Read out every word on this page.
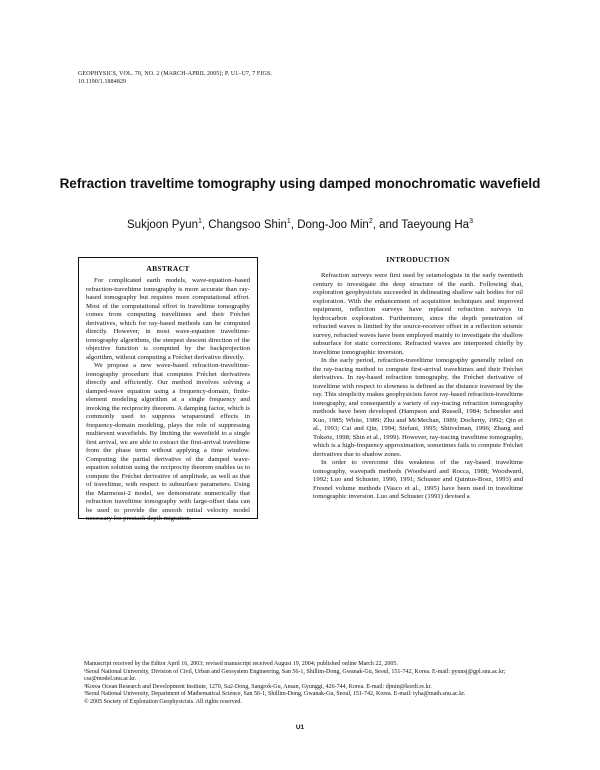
GEOPHYSICS, VOL. 70, NO. 2 (MARCH-APRIL 2005); P. U1–U7, 7 FIGS.
10.1190/1.1884829
Refraction traveltime tomography using damped monochromatic wavefield
Sukjoon Pyun$^1$, Changsoo Shin$^1$, Dong-Joo Min$^2$, and Taeyoung Ha$^3$
ABSTRACT

For complicated earth models, wave-equation–based refraction-traveltime tomography is more accurate than ray-based tomography but requires more computational effort. Most of the computational effort in traveltime tomography comes from computing traveltimes and their Fréchet derivatives, which for ray-based methods can be computed directly. However, in most wave-equation traveltime-tomography algorithms, the steepest descent direction of the objective function is computed by the backprojection algorithm, without computing a Fréchet derivative directly.

We propose a new wave-based refraction-traveltime-tomography procedure that computes Fréchet derivatives directly and efficiently. Our method involves solving a damped-wave equation using a frequency-domain, finite-element modeling algorithm at a single frequency and invoking the reciprocity theorem. A damping factor, which is commonly used to suppress wraparound effects in frequency-domain modeling, plays the role of suppressing multievent wavefields. By limiting the wavefield to a single first arrival, we are able to extract the first-arrival traveltime from the phase term without applying a time window. Computing the partial derivative of the damped wave-equation solution using the reciprocity theorem enables us to compute the Fréchet derivative of amplitude, as well as that of traveltime, with respect to subsurface parameters. Using the Marmousi-2 model, we demonstrate numerically that refraction traveltime tomography with large-offset data can be used to provide the smooth initial velocity model necessary for prestack depth migration.

INTRODUCTION

Refraction surveys were first used by seismologists in the early twentieth century to investigate the deep structure of the earth. Following that, exploration geophysicists succeeded in delineating shallow salt bodies for oil exploration. With the enhancement of acquisition techniques and improved equipment, reflection surveys have replaced refraction surveys in hydrocarbon exploration. Furthermore, since the depth penetration of refracted waves is limited by the source-receiver offset in a reflection seismic survey, refracted waves have been employed mainly to investigate the shallow subsurface for static corrections. Refracted waves are interpreted chiefly by traveltime tomographic inversion.

In the early period, refraction-traveltime tomography generally relied on the ray-tracing method to compute first-arrival traveltimes and their Fréchet derivatives. In ray-based refraction tomography, the Fréchet derivative of traveltime with respect to slowness is defined as the distance traversed by the ray. This simplicity makes geophysicists favor ray-based refraction-traveltime tomography, and consequently a variety of ray-tracing refraction tomography methods have been developed (Hampson and Russell, 1984; Schneider and Kuo, 1985; White, 1989; Zhu and McMechan, 1989; Docherty, 1992; Qin et al., 1993; Cai and Qin, 1994; Stefani, 1995; Shtivelman, 1996; Zhang and Toksöz, 1998; Shin et al., 1999). However, ray-tracing traveltime tomography, which is a high-frequency approximation, sometimes fails to compute Fréchet derivatives due to shadow zones.

In order to overcome this weakness of the ray-based traveltime tomography, wavepath methods (Woodward and Rocca, 1988; Woodward, 1992; Luo and Schuster, 1990, 1991; Schuster and Quintus-Bosz, 1993) and Fresnel volume methods (Vasco et al., 1995) have been used in traveltime tomographic inversion. Luo and Schuster (1991) devised a

Manuscript received by the Editor April 16, 2003; revised manuscript received August 19, 2004; published online March 22, 2005.
¹Seoul National University, Division of Civil, Urban and Geosystem Engineering, San 56-1, Shillim-Dong, Gwanak-Gu, Seoul, 151-742, Korea. E-mail: pyunsj@gpl.snu.ac.kr; css@model.snu.ac.kr.
²Korea Ocean Research and Development Institute, 1270, Sa2-Dong, Sangrok-Gu, Ansan, Gyunggi, 426-744, Korea. E-mail: djmin@kordi.re.kr.
³Seoul National University, Department of Mathematical Science, San 56-1, Shillim-Dong, Gwanak-Gu, Seoul, 151-742, Korea. E-mail: tyha@math.snu.ac.kr.
© 2005 Society of Exploration Geophysicists. All rights reserved.
U1
